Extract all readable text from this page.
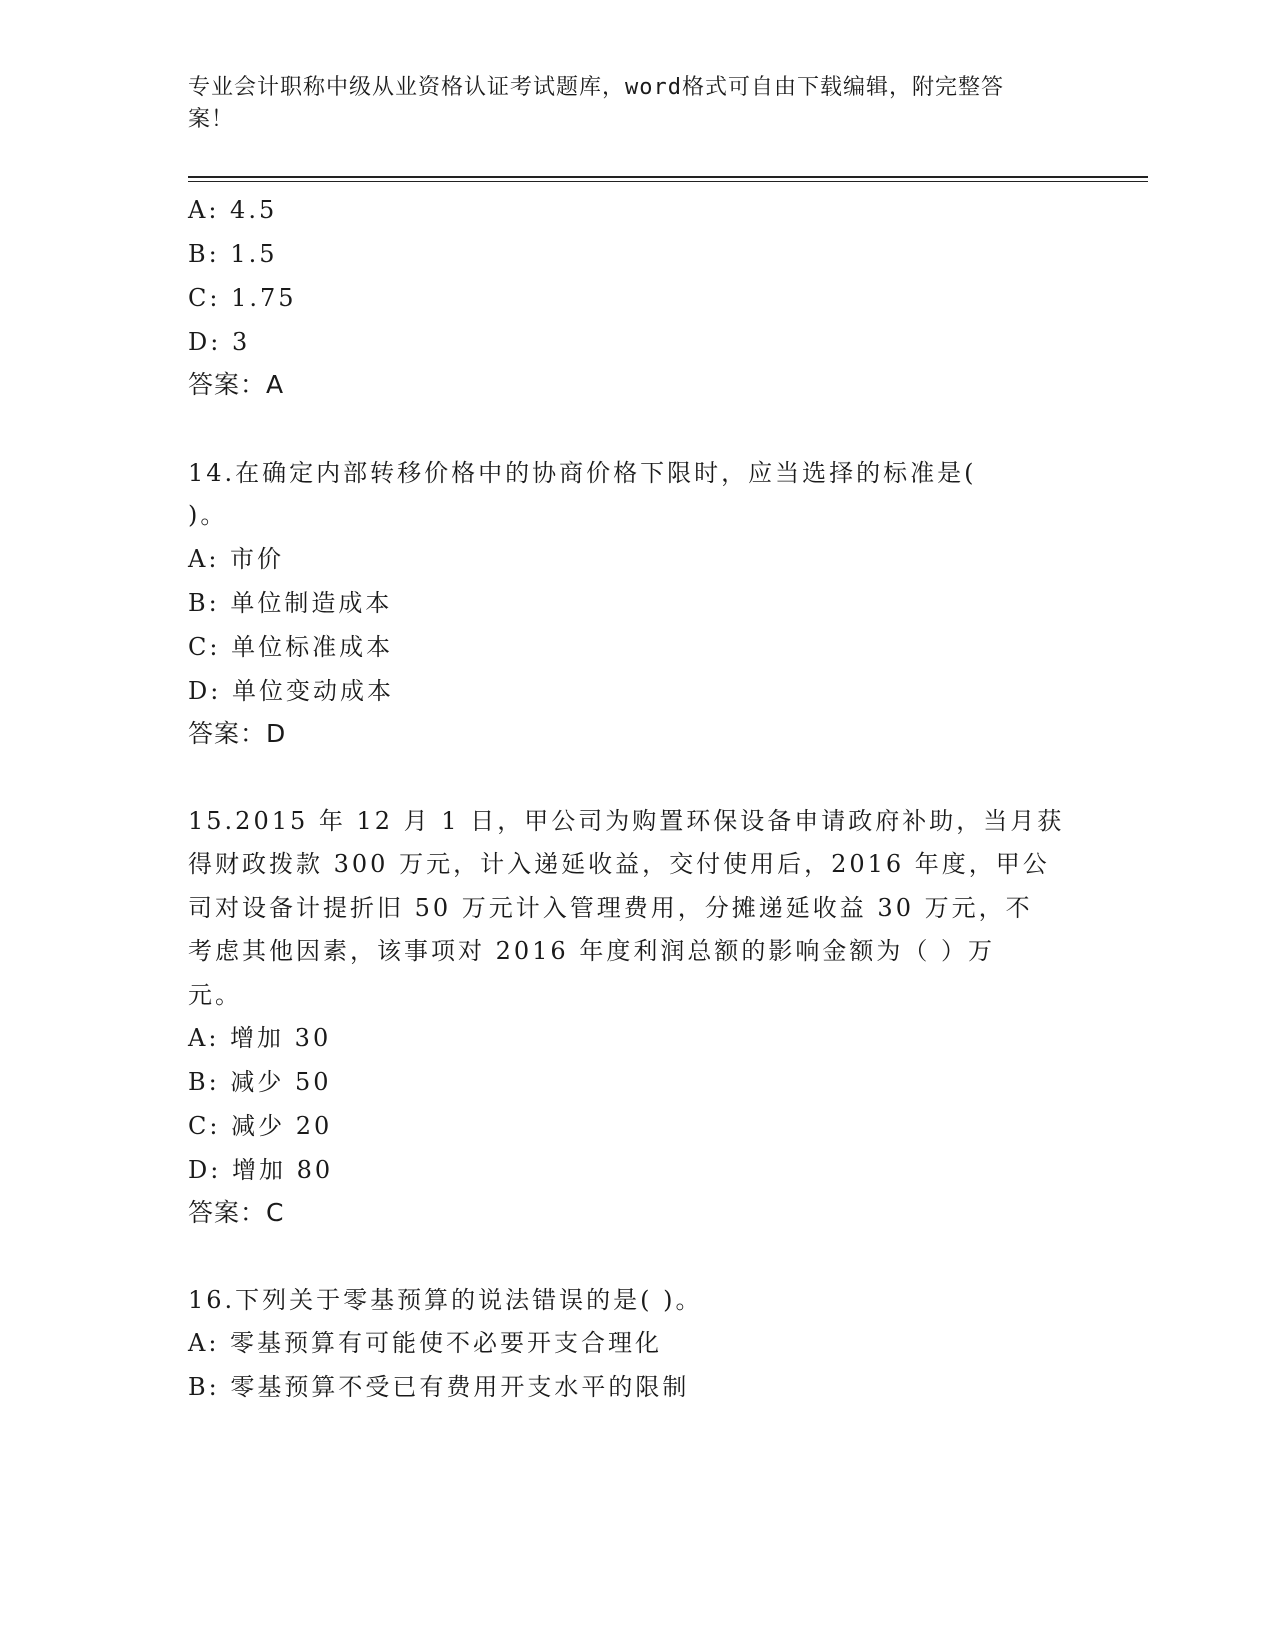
专业会计职称中级从业资格认证考试题库，word格式可自由下载编辑，附完整答
案！
A: 4.5
B: 1.5
C: 1.75
D: 3
答案：A
14.在确定内部转移价格中的协商价格下限时，应当选择的标准是(
)。
A: 市价
B: 单位制造成本
C: 单位标准成本
D: 单位变动成本
答案：D
15.2015 年 12 月 1 日，甲公司为购置环保设备申请政府补助，当月获
得财政拨款 300 万元，计入递延收益，交付使用后，2016 年度，甲公
司对设备计提折旧 50 万元计入管理费用，分摊递延收益 30 万元，不
考虑其他因素，该事项对 2016 年度利润总额的影响金额为（ ）万
元。
A: 增加 30
B: 减少 50
C: 减少 20
D: 增加 80
答案：C
16.下列关于零基预算的说法错误的是( )。
A: 零基预算有可能使不必要开支合理化
B: 零基预算不受已有费用开支水平的限制
